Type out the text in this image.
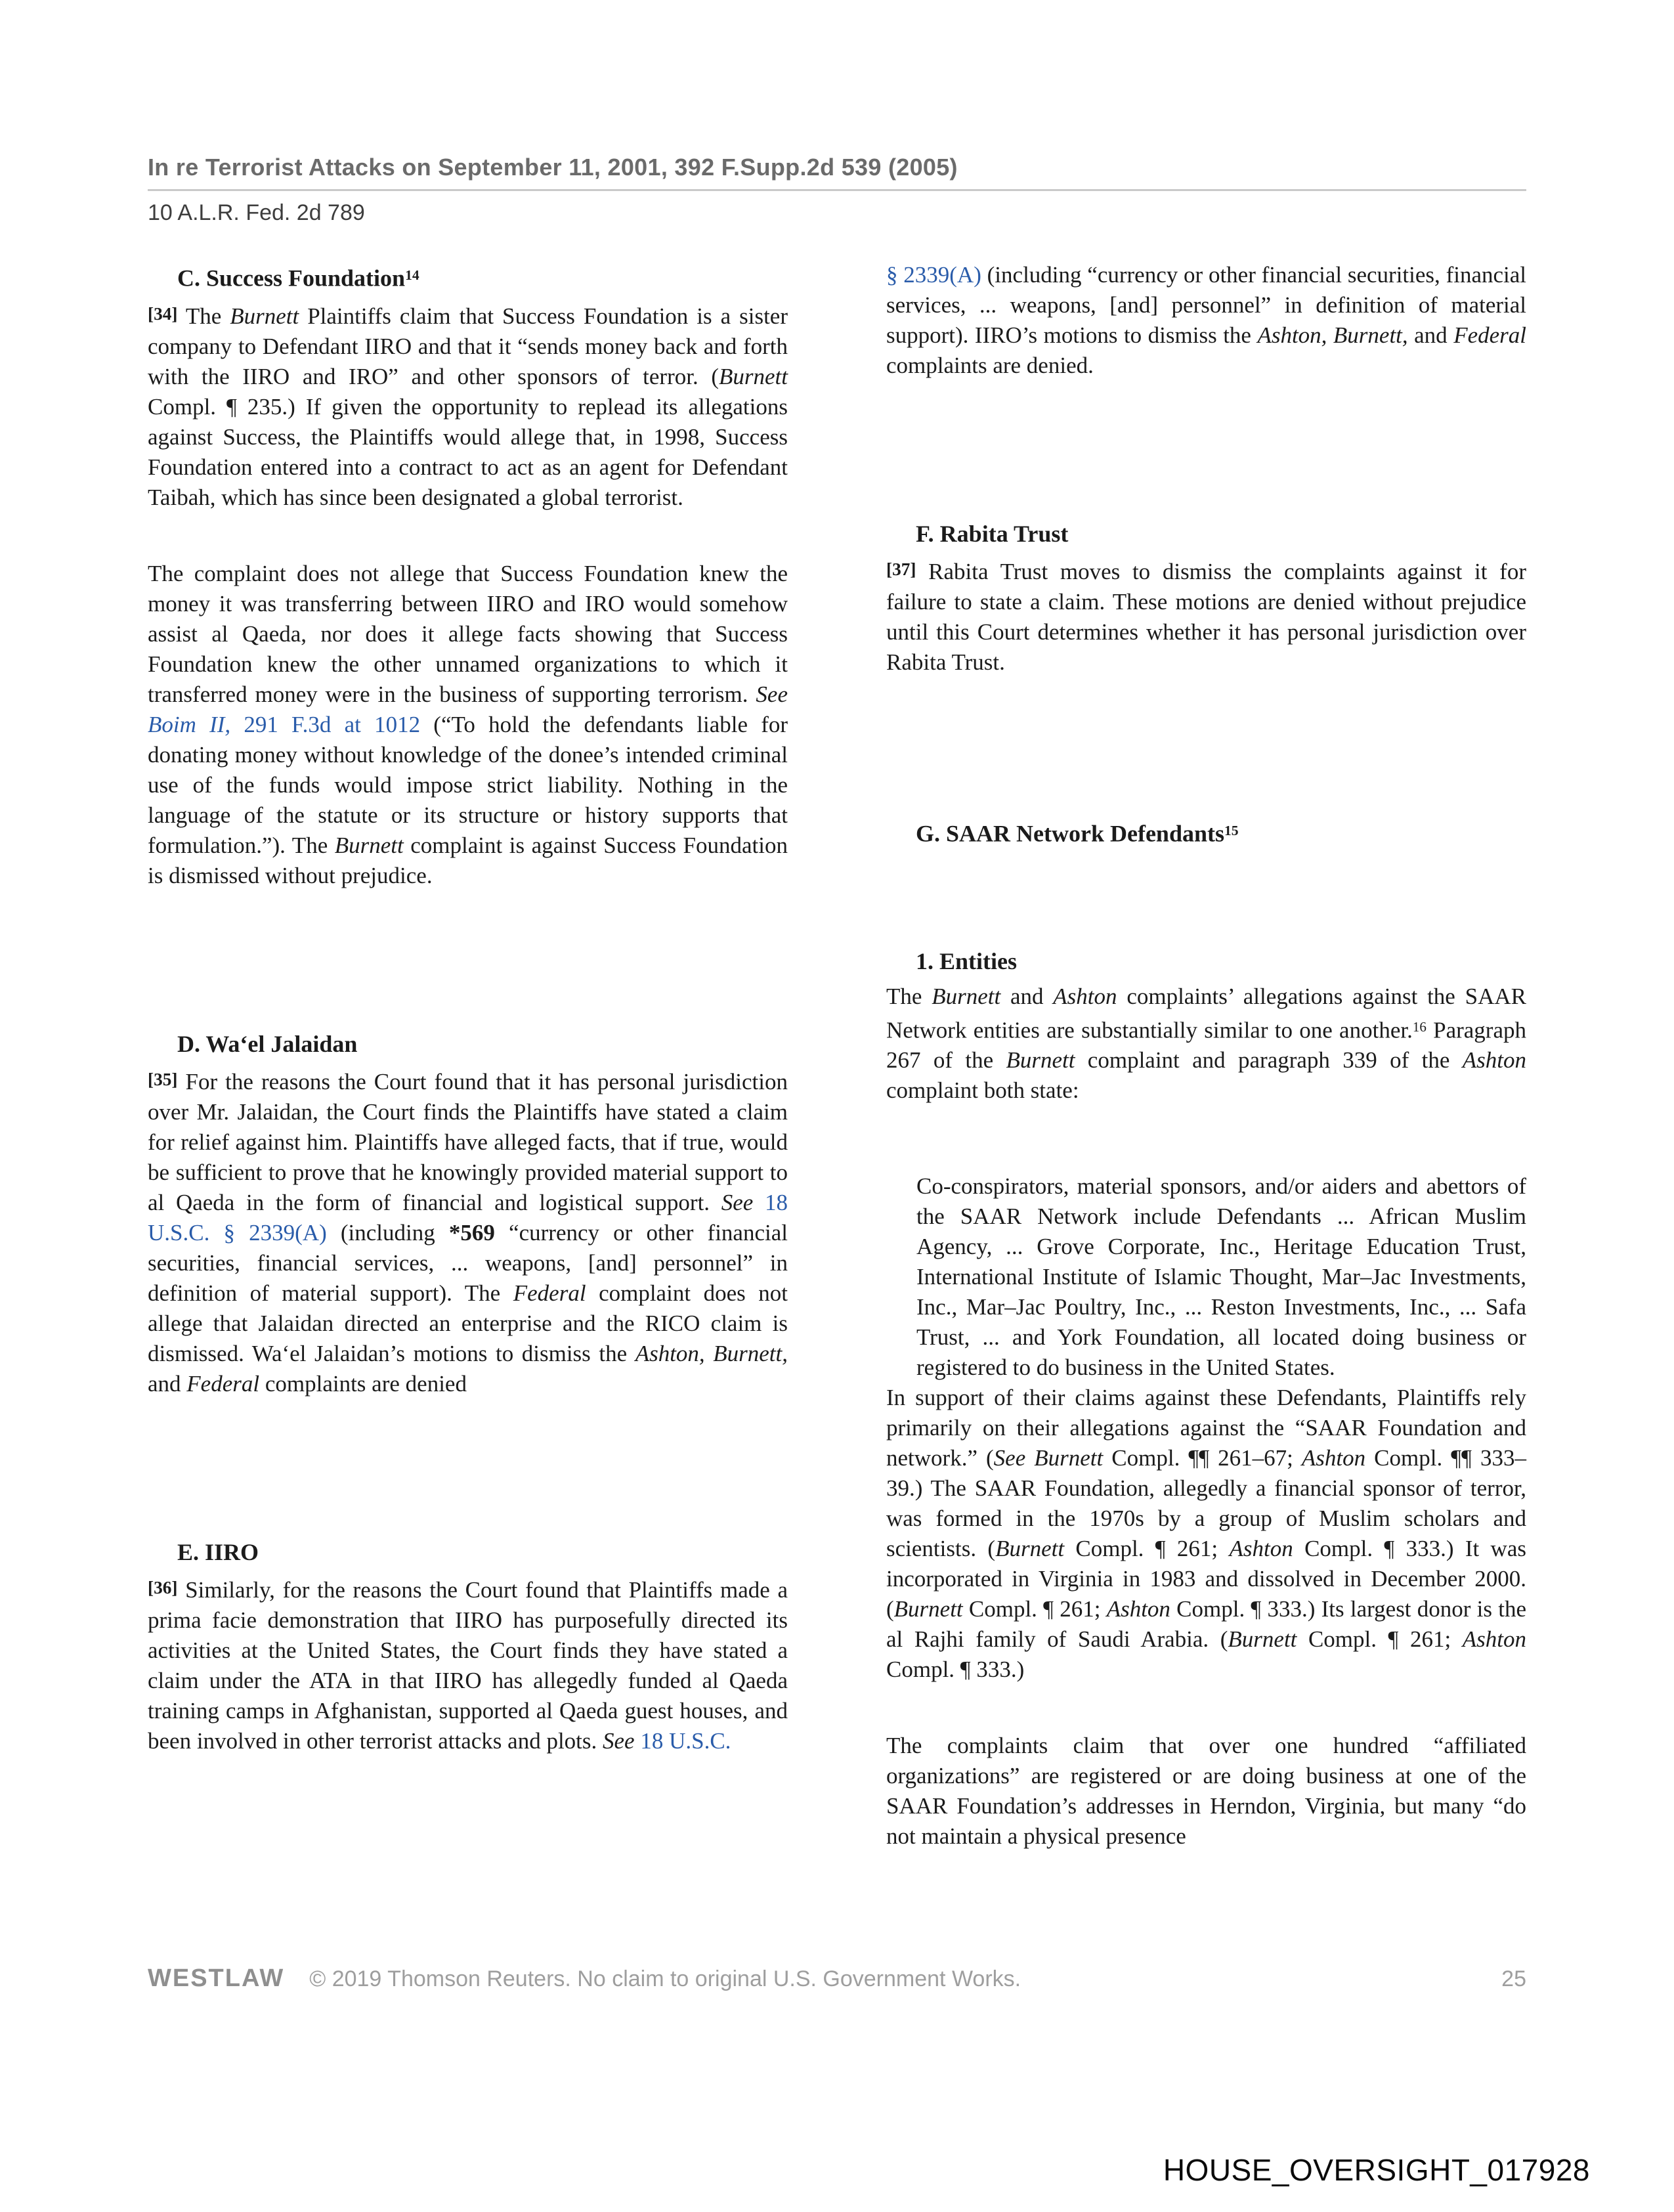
In re Terrorist Attacks on September 11, 2001, 392 F.Supp.2d 539 (2005)
10 A.L.R. Fed. 2d 789
C. Success Foundation$^{14}$

[34] The Burnett Plaintiffs claim that Success Foundation is a sister company to Defendant IIRO and that it “sends money back and forth with the IIRO and IRO” and other sponsors of terror. (Burnett Compl. ¶ 235.) If given the opportunity to replead its allegations against Success, the Plaintiffs would allege that, in 1998, Success Foundation entered into a contract to act as an agent for Defendant Taibah, which has since been designated a global terrorist.

The complaint does not allege that Success Foundation knew the money it was transferring between IIRO and IRO would somehow assist al Qaeda, nor does it allege facts showing that Success Foundation knew the other unnamed organizations to which it transferred money were in the business of supporting terrorism. See Boim II, 291 F.3d at 1012 (“To hold the defendants liable for donating money without knowledge of the donee’s intended criminal use of the funds would impose strict liability. Nothing in the language of the statute or its structure or history supports that formulation.”). The Burnett complaint is against Success Foundation is dismissed without prejudice.

D. Wa‘el Jalaidan

[35] For the reasons the Court found that it has personal jurisdiction over Mr. Jalaidan, the Court finds the Plaintiffs have stated a claim for relief against him. Plaintiffs have alleged facts, that if true, would be sufficient to prove that he knowingly provided material support to al Qaeda in the form of financial and logistical support. See 18 U.S.C. § 2339(A) (including *569 “currency or other financial securities, financial services, ... weapons, [and] personnel” in definition of material support). The Federal complaint does not allege that Jalaidan directed an enterprise and the RICO claim is dismissed. Wa‘el Jalaidan’s motions to dismiss the Ashton, Burnett, and Federal complaints are denied

E. IIRO

[36] Similarly, for the reasons the Court found that Plaintiffs made a prima facie demonstration that IIRO has purposefully directed its activities at the United States, the Court finds they have stated a claim under the ATA in that IIRO has allegedly funded al Qaeda training camps in Afghanistan, supported al Qaeda guest houses, and been involved in other terrorist attacks and plots. See 18 U.S.C.

§ 2339(A) (including “currency or other financial securities, financial services, ... weapons, [and] personnel” in definition of material support). IIRO’s motions to dismiss the Ashton, Burnett, and Federal complaints are denied.

F. Rabita Trust

[37] Rabita Trust moves to dismiss the complaints against it for failure to state a claim. These motions are denied without prejudice until this Court determines whether it has personal jurisdiction over Rabita Trust.

G. SAAR Network Defendants$^{15}$
1. Entities

The Burnett and Ashton complaints’ allegations against the SAAR Network entities are substantially similar to one another.$^{16}$ Paragraph 267 of the Burnett complaint and paragraph 339 of the Ashton complaint both state:

Co-conspirators, material sponsors, and/or aiders and abettors of the SAAR Network include Defendants ... African Muslim Agency, ... Grove Corporate, Inc., Heritage Education Trust, International Institute of Islamic Thought, Mar–Jac Investments, Inc., Mar–Jac Poultry, Inc., ... Reston Investments, Inc., ... Safa Trust, ... and York Foundation, all located doing business or registered to do business in the United States.

In support of their claims against these Defendants, Plaintiffs rely primarily on their allegations against the “SAAR Foundation and network.” (See Burnett Compl. ¶¶ 261–67; Ashton Compl. ¶¶ 333–39.) The SAAR Foundation, allegedly a financial sponsor of terror, was formed in the 1970s by a group of Muslim scholars and scientists. (Burnett Compl. ¶ 261; Ashton Compl. ¶ 333.) It was incorporated in Virginia in 1983 and dissolved in December 2000. (Burnett Compl. ¶ 261; Ashton Compl. ¶ 333.) Its largest donor is the al Rajhi family of Saudi Arabia. (Burnett Compl. ¶ 261; Ashton Compl. ¶ 333.)

The complaints claim that over one hundred “affiliated organizations” are registered or are doing business at one of the SAAR Foundation’s addresses in Herndon, Virginia, but many “do not maintain a physical presence

WESTLAW © 2019 Thomson Reuters. No claim to original U.S. Government Works.	25
HOUSE_OVERSIGHT_017928
